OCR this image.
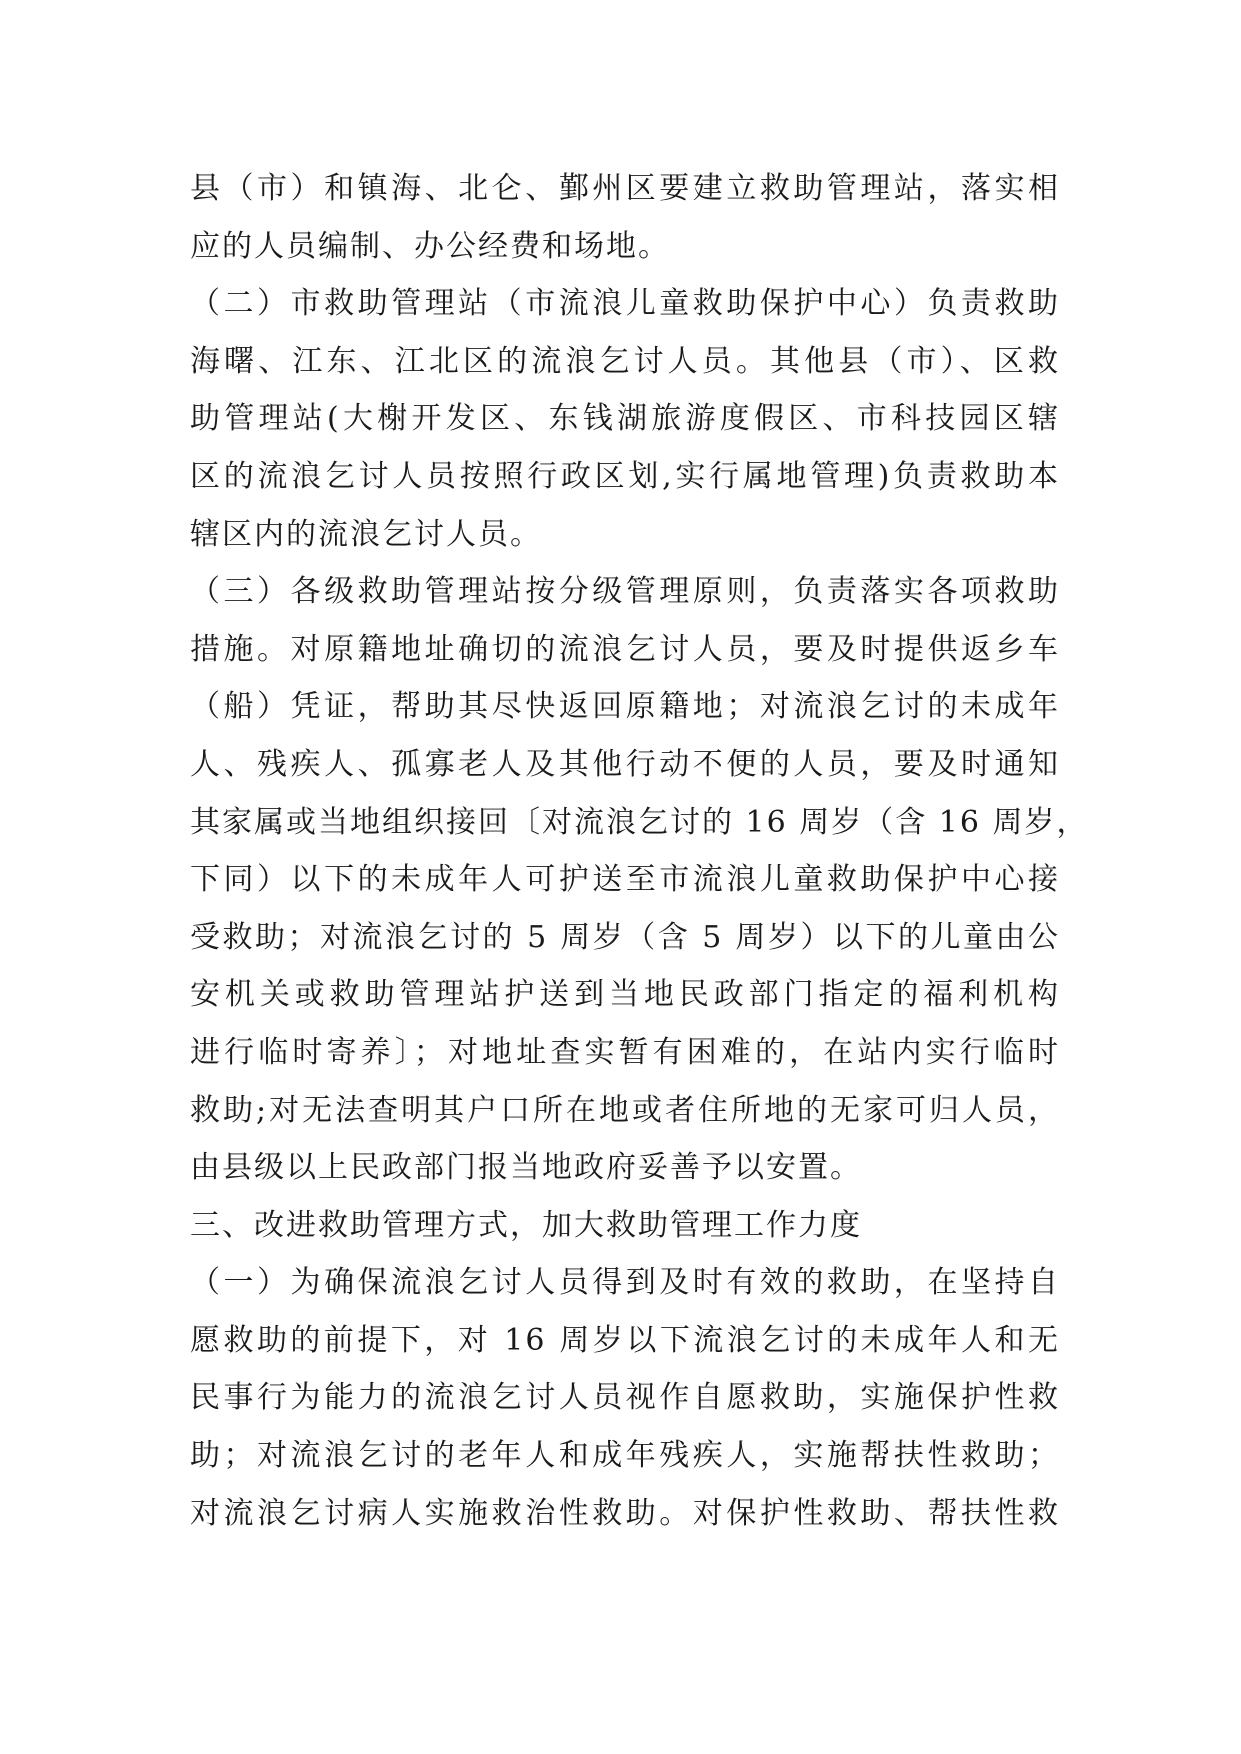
县（市）和镇海、北仑、鄞州区要建立救助管理站，落实相
应的人员编制、办公经费和场地。
（二）市救助管理站（市流浪儿童救助保护中心）负责救助
海曙、江东、江北区的流浪乞讨人员。其他县（市）、区救
助管理站(大榭开发区、东钱湖旅游度假区、市科技园区辖
区的流浪乞讨人员按照行政区划,实行属地管理)负责救助本
辖区内的流浪乞讨人员。
（三）各级救助管理站按分级管理原则，负责落实各项救助
措施。对原籍地址确切的流浪乞讨人员，要及时提供返乡车
（船）凭证，帮助其尽快返回原籍地；对流浪乞讨的未成年
人、残疾人、孤寡老人及其他行动不便的人员，要及时通知
其家属或当地组织接回〔对流浪乞讨的 16 周岁（含 16 周岁，
下同）以下的未成年人可护送至市流浪儿童救助保护中心接
受救助；对流浪乞讨的 5 周岁（含 5 周岁）以下的儿童由公
安机关或救助管理站护送到当地民政部门指定的福利机构
进行临时寄养〕；对地址查实暂有困难的，在站内实行临时
救助;对无法查明其户口所在地或者住所地的无家可归人员，
由县级以上民政部门报当地政府妥善予以安置。
三、改进救助管理方式，加大救助管理工作力度
（一）为确保流浪乞讨人员得到及时有效的救助，在坚持自
愿救助的前提下，对 16 周岁以下流浪乞讨的未成年人和无
民事行为能力的流浪乞讨人员视作自愿救助，实施保护性救
助；对流浪乞讨的老年人和成年残疾人，实施帮扶性救助；
对流浪乞讨病人实施救治性救助。对保护性救助、帮扶性救
